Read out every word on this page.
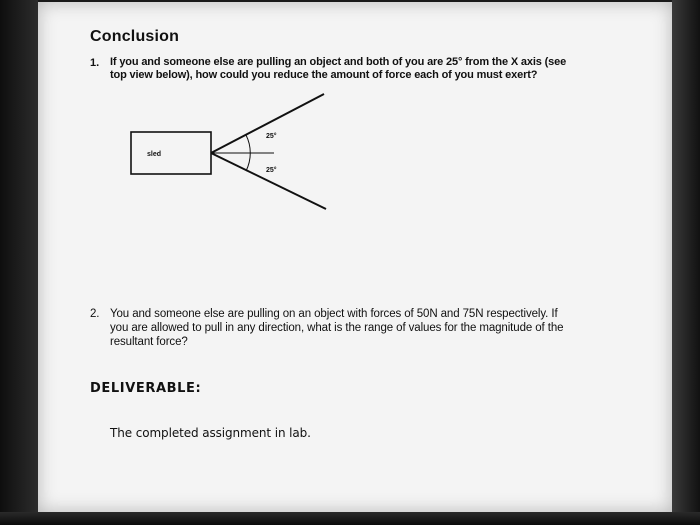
Conclusion
1. If you and someone else are pulling an object and both of you are 25° from the X axis (see
top view below), how could you reduce the amount of force each of you must exert?
sled
25°
25°
2. You and someone else are pulling on an object with forces of 50N and 75N respectively. If
you are allowed to pull in any direction, what is the range of values for the magnitude of the
resultant force?
DELIVERABLE:
The completed assignment in lab.
